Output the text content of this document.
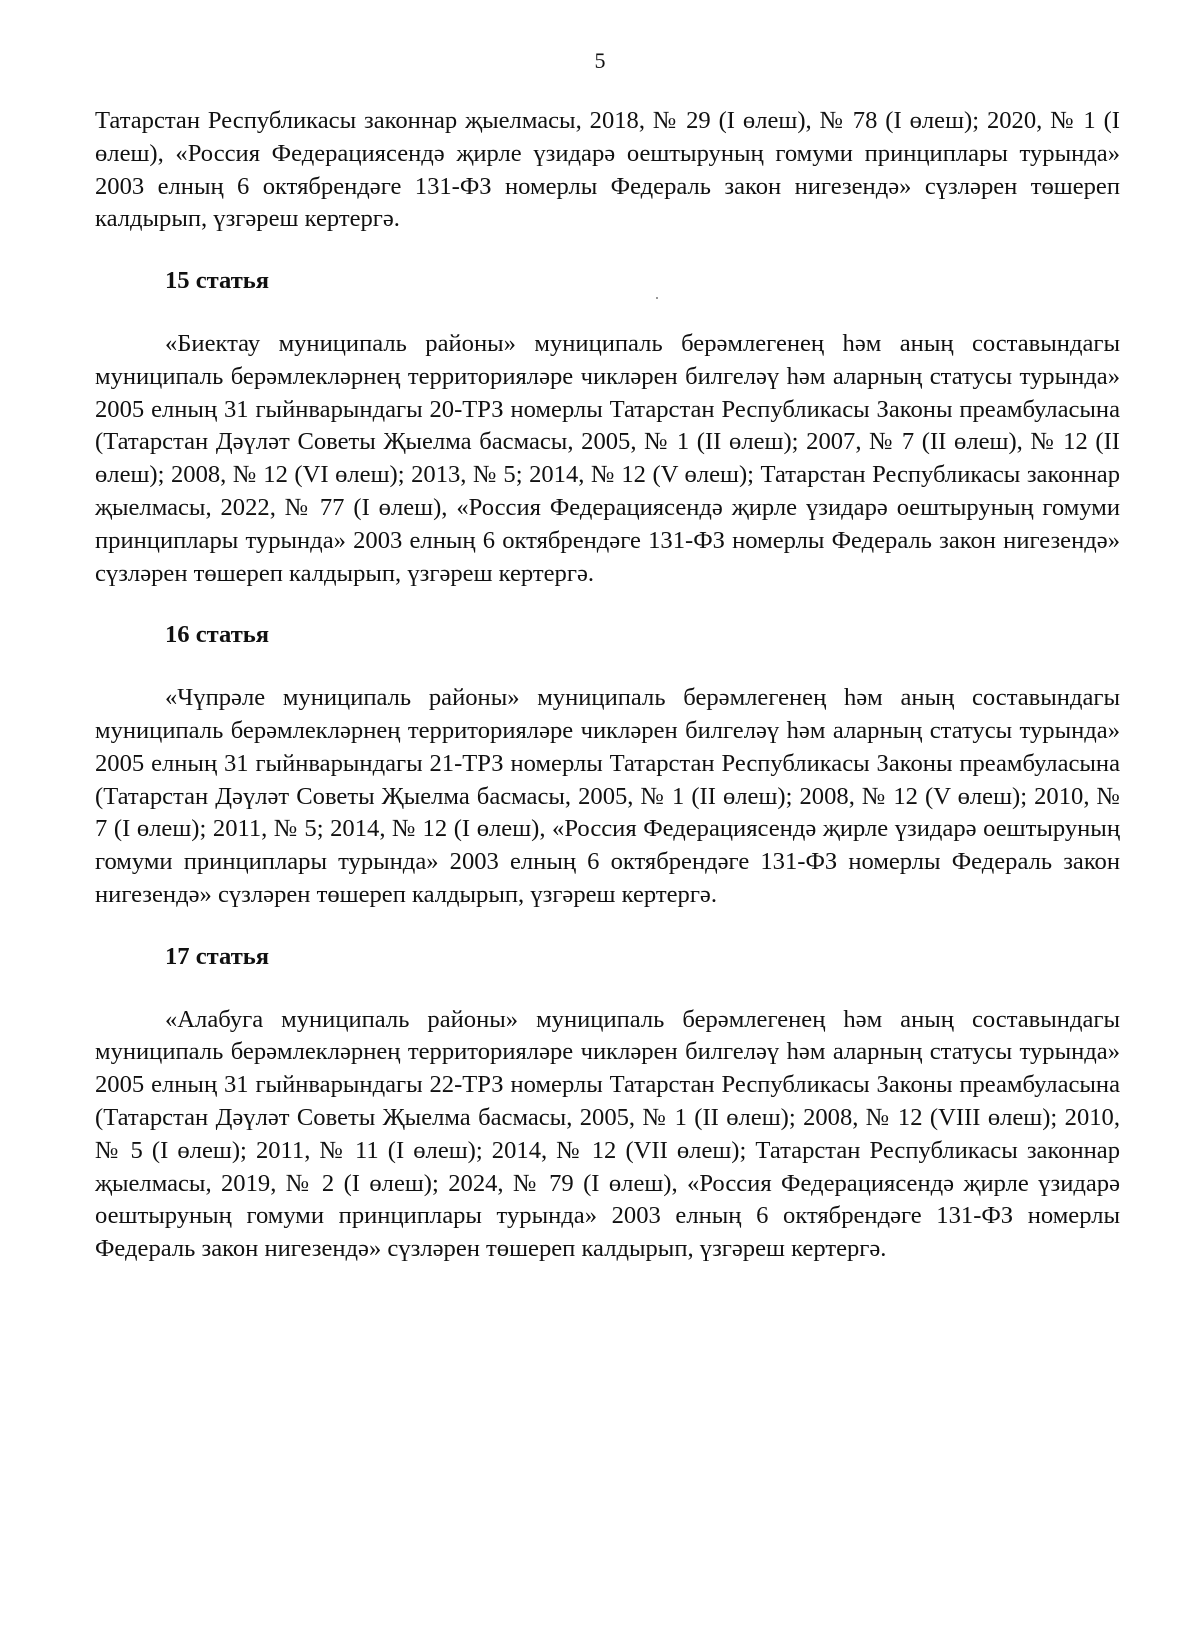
5

Татарстан Республикасы законнар җыелмасы, 2018, № 29 (I өлеш), № 78 (I өлеш); 2020, № 1 (I өлеш), «Россия Федерациясендә җирле үзидарә оештыруның гомуми принциплары турында» 2003 елның 6 октябрендәге 131-ФЗ номерлы Федераль закон нигезендә» сүзләрен төшереп калдырып, үзгәреш кертергә.

15 статья

«Биектау муниципаль районы» муниципаль берәмлегенең һәм аның составындагы муниципаль берәмлекләрнең территорияләре чикләрен билгеләү һәм аларның статусы турында» 2005 елның 31 гыйнварындагы 20-ТРЗ номерлы Татарстан Республикасы Законы преамбуласына (Татарстан Дәүләт Советы Җыелма басмасы, 2005, № 1 (II өлеш); 2007, № 7 (II өлеш), № 12 (II өлеш); 2008, № 12 (VI өлеш); 2013, № 5; 2014, № 12 (V өлеш); Татарстан Республикасы законнар җыелмасы, 2022, № 77 (I өлеш), «Россия Федерациясендә җирле үзидарә оештыруның гомуми принциплары турында» 2003 елның 6 октябрендәге 131-ФЗ номерлы Федераль закон нигезендә» сүзләрен төшереп калдырып, үзгәреш кертергә.

16 статья

«Чүпрәле муниципаль районы» муниципаль берәмлегенең һәм аның составындагы муниципаль берәмлекләрнең территорияләре чикләрен билгеләү һәм аларның статусы турында» 2005 елның 31 гыйнварындагы 21-ТРЗ номерлы Татарстан Республикасы Законы преамбуласына (Татарстан Дәүләт Советы Җыелма басмасы, 2005, № 1 (II өлеш); 2008, № 12 (V өлеш); 2010, № 7 (I өлеш); 2011, № 5; 2014, № 12 (I өлеш), «Россия Федерациясендә җирле үзидарә оештыруның гомуми принциплары турында» 2003 елның 6 октябрендәге 131-ФЗ номерлы Федераль закон нигезендә» сүзләрен төшереп калдырып, үзгәреш кертергә.

17 статья

«Алабуга муниципаль районы» муниципаль берәмлегенең һәм аның составындагы муниципаль берәмлекләрнең территорияләре чикләрен билгеләү һәм аларның статусы турында» 2005 елның 31 гыйнварындагы 22-ТРЗ номерлы Татарстан Республикасы Законы преамбуласына (Татарстан Дәүләт Советы Җыелма басмасы, 2005, № 1 (II өлеш); 2008, № 12 (VIII өлеш); 2010, № 5 (I өлеш); 2011, № 11 (I өлеш); 2014, № 12 (VII өлеш); Татарстан Республикасы законнар җыелмасы, 2019, № 2 (I өлеш); 2024, № 79 (I өлеш), «Россия Федерациясендә җирле үзидарә оештыруның гомуми принциплары турында» 2003 елның 6 октябрендәге 131-ФЗ номерлы Федераль закон нигезендә» сүзләрен төшереп калдырып, үзгәреш кертергә.
